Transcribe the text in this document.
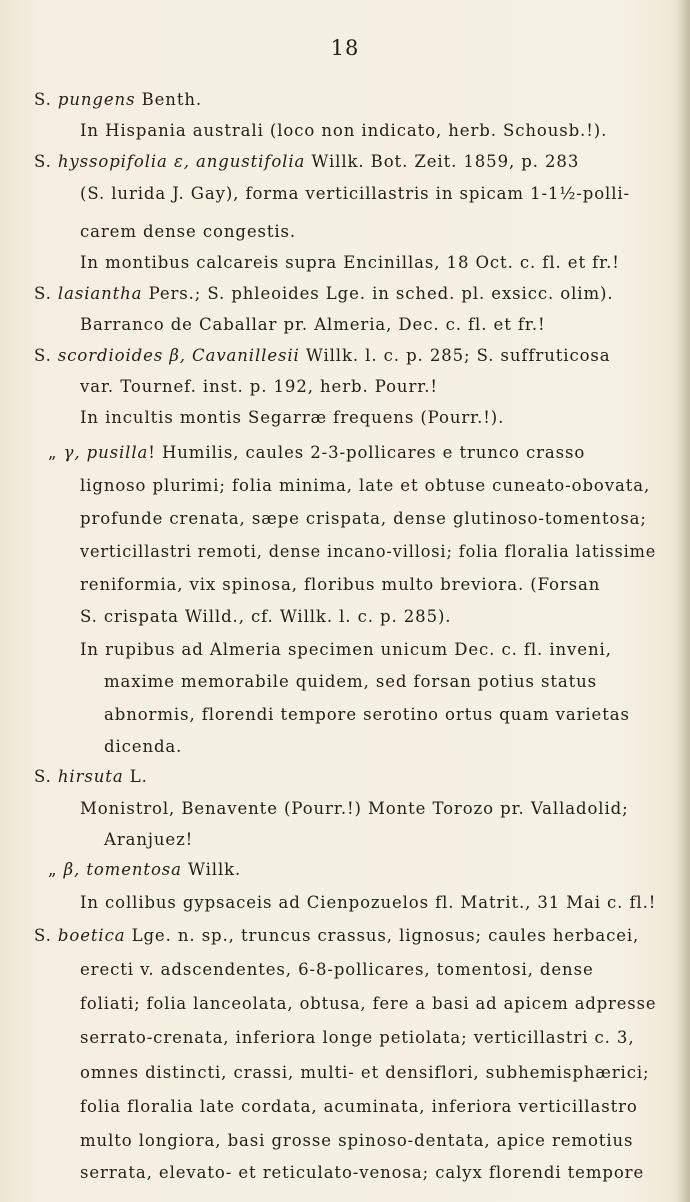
18
S. pungens Benth.
In Hispania australi (loco non indicato, herb. Schousb.!).
S. hyssopifolia ε, angustifolia Willk. Bot. Zeit. 1859, p. 283
(S. lurida J. Gay), forma verticillastris in spicam 1-1½-polli-
carem dense congestis.
In montibus calcareis supra Encinillas, 18 Oct. c. fl. et fr.!
S. lasiantha Pers.; S. phleoides Lge. in sched. pl. exsicc. olim).
Barranco de Caballar pr. Almeria, Dec. c. fl. et fr.!
S. scordioides β, Cavanillesii Willk. l. c. p. 285; S. suffruticosa
var. Tournef. inst. p. 192, herb. Pourr.!
In incultis montis Segarræ frequens (Pourr.!).
„ γ, pusilla! Humilis, caules 2-3-pollicares e trunco crasso
lignoso plurimi; folia minima, late et obtuse cuneato-obovata,
profunde crenata, sæpe crispata, dense glutinoso-tomentosa;
verticillastri remoti, dense incano-villosi; folia floralia latissime
reniformia, vix spinosa, floribus multo breviora. (Forsan
S. crispata Willd., cf. Willk. l. c. p. 285).
In rupibus ad Almeria specimen unicum Dec. c. fl. inveni,
maxime memorabile quidem, sed forsan potius status
abnormis, florendi tempore serotino ortus quam varietas
dicenda.
S. hirsuta L.
Monistrol, Benavente (Pourr.!) Monte Torozo pr. Valladolid;
Aranjuez!
„ β, tomentosa Willk.
In collibus gypsaceis ad Cienpozuelos fl. Matrit., 31 Mai c. fl.!
S. boetica Lge. n. sp., truncus crassus, lignosus; caules herbacei,
erecti v. adscendentes, 6-8-pollicares, tomentosi, dense
foliati; folia lanceolata, obtusa, fere a basi ad apicem adpresse
serrato-crenata, inferiora longe petiolata; verticillastri c. 3,
omnes distincti, crassi, multi- et densiflori, subhemisphærici;
folia floralia late cordata, acuminata, inferiora verticillastro
multo longiora, basi grosse spinoso-dentata, apice remotius
serrata, elevato- et reticulato-venosa; calyx florendi tempore
